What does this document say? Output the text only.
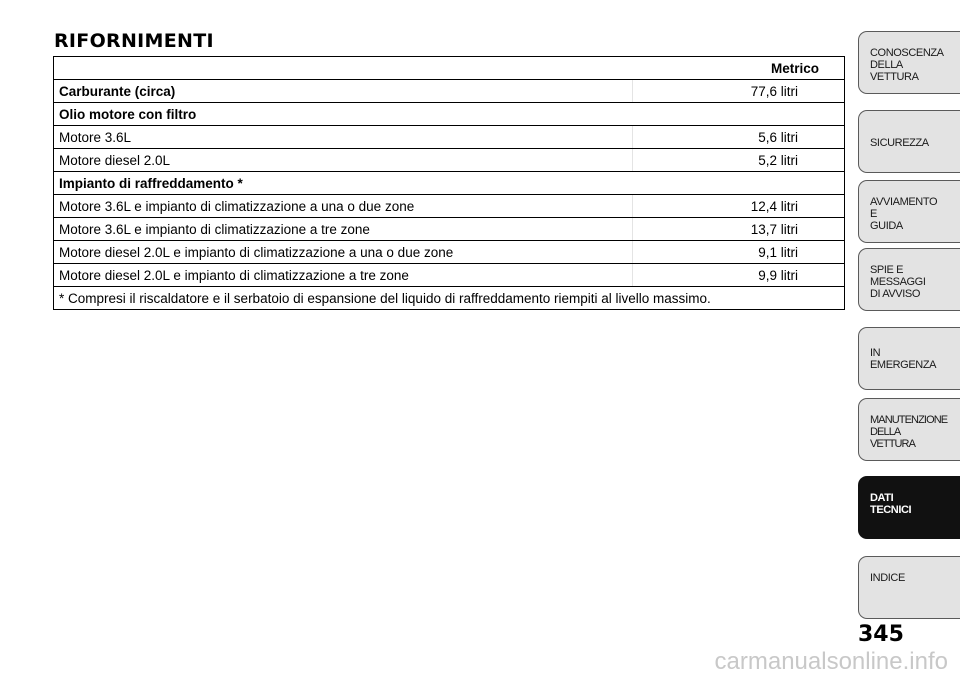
RIFORNIMENTI
Metrico	
Carburante (circa)	77,6 litri
Olio motore con filtro	
Motore 3.6L	5,6 litri
Motore diesel 2.0L	5,2 litri
Impianto di raffreddamento *	
Motore 3.6L e impianto di climatizzazione a una o due zone	12,4 litri
Motore 3.6L e impianto di climatizzazione a tre zone	13,7 litri
Motore diesel 2.0L e impianto di climatizzazione a una o due zone	9,1 litri
Motore diesel 2.0L e impianto di climatizzazione a tre zone	9,9 litri
* Compresi il riscaldatore e il serbatoio di espansione del liquido di raffreddamento riempiti al livello massimo.	
CONOSCENZA
DELLA
VETTURA
SICUREZZA
AVVIAMENTO
E
GUIDA
SPIE E
MESSAGGI
DI AVVISO
IN
EMERGENZA
MANUTENZIONE
DELLA
VETTURA
DATI
TECNICI
INDICE
345
carmanualsonline.info
